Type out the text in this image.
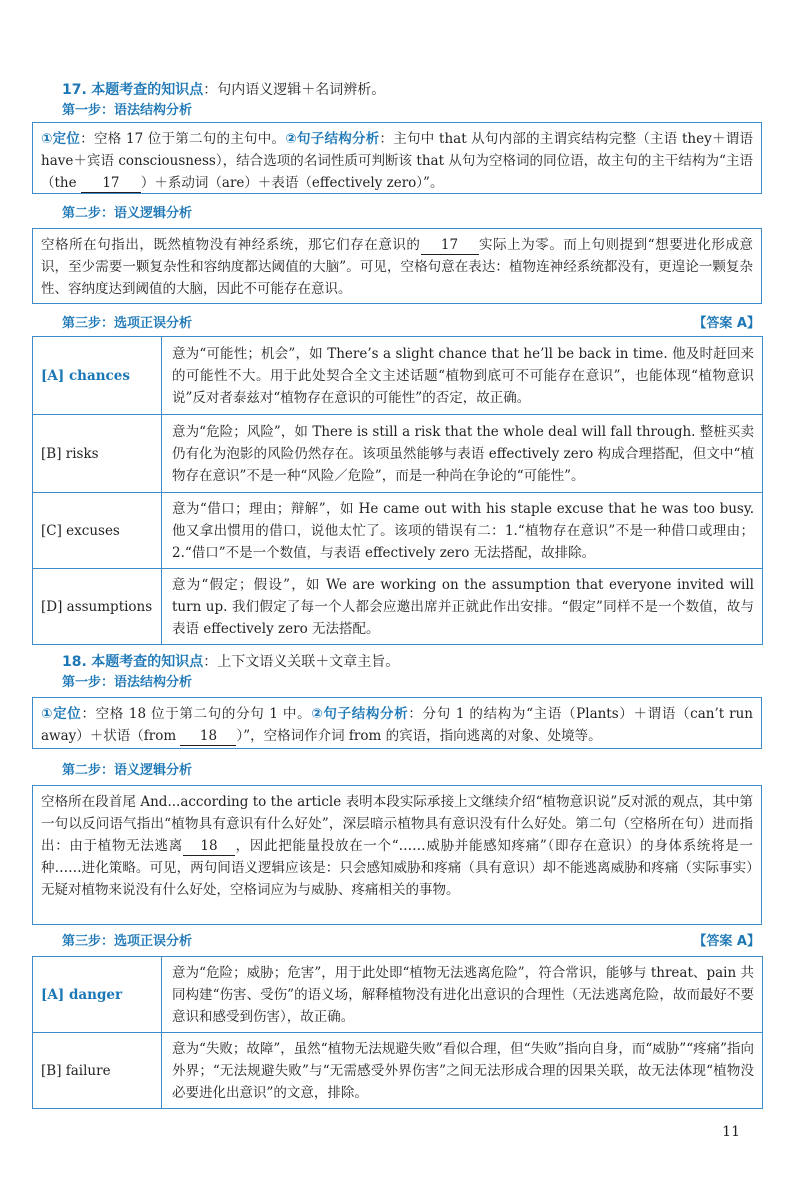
17. 本题考查的知识点：句内语义逻辑＋名词辨析。
第一步：语法结构分析
①定位：空格 17 位于第二句的主句中。②句子结构分析：主句中 that 从句内部的主谓宾结构完整（主语 they＋谓语 have＋宾语 consciousness），结合选项的名词性质可判断该 that 从句为空格词的同位语，故主句的主干结构为“主语（the 17 ）＋系动词（are）＋表语（effectively zero）”。
第二步：语义逻辑分析
空格所在句指出，既然植物没有神经系统，那它们存在意识的 17 实际上为零。而上句则提到“想要进化形成意识，至少需要一颗复杂性和容纳度都达阈值的大脑”。可见，空格句意在表达：植物连神经系统都没有，更遑论一颗复杂性、容纳度达到阈值的大脑，因此不可能存在意识。
第三步：选项正误分析	【答案 A】
[A] chances	意为“可能性；机会”，如 There’s a slight chance that he’ll be back in time. 他及时赶回来的可能性不大。用于此处契合全文主述话题“植物到底可不可能存在意识”，也能体现“植物意识说”反对者泰兹对“植物存在意识的可能性”的否定，故正确。
[B] risks	意为“危险；风险”，如 There is still a risk that the whole deal will fall through. 整桩买卖仍有化为泡影的风险仍然存在。该项虽然能够与表语 effectively zero 构成合理搭配，但文中“植物存在意识”不是一种“风险／危险”，而是一种尚在争论的“可能性”。
[C] excuses	意为“借口；理由；辩解”，如 He came out with his staple excuse that he was too busy. 他又拿出惯用的借口，说他太忙了。该项的错误有二：1.“植物存在意识”不是一种借口或理由；2.“借口”不是一个数值，与表语 effectively zero 无法搭配，故排除。
[D] assumptions	意为“假定；假设”，如 We are working on the assumption that everyone invited will turn up. 我们假定了每一个人都会应邀出席并正就此作出安排。“假定”同样不是一个数值，故与表语 effectively zero 无法搭配。
18. 本题考查的知识点：上下文语义关联＋文章主旨。
第一步：语法结构分析
①定位：空格 18 位于第二句的分句 1 中。②句子结构分析：分句 1 的结构为“主语（Plants）＋谓语（can’t run away）＋状语（from 18 ）”，空格词作介词 from 的宾语，指向逃离的对象、处境等。
第二步：语义逻辑分析
空格所在段首尾 And...according to the article 表明本段实际承接上文继续介绍“植物意识说”反对派的观点，其中第一句以反问语气指出“植物具有意识有什么好处”，深层暗示植物具有意识没有什么好处。第二句（空格所在句）进而指出：由于植物无法逃离 18 ，因此把能量投放在一个“……威胁并能感知疼痛”（即存在意识）的身体系统将是一种……进化策略。可见，两句间语义逻辑应该是：只会感知威胁和疼痛（具有意识）却不能逃离威胁和疼痛（实际事实）无疑对植物来说没有什么好处，空格词应为与威胁、疼痛相关的事物。
第三步：选项正误分析	【答案 A】
[A] danger	意为“危险；威胁；危害”，用于此处即“植物无法逃离危险”，符合常识，能够与 threat、pain 共同构建“伤害、受伤”的语义场，解释植物没有进化出意识的合理性（无法逃离危险，故而最好不要意识和感受到伤害），故正确。
[B] failure	意为“失败；故障”，虽然“植物无法规避失败”看似合理，但“失败”指向自身，而“威胁”“疼痛”指向外界；“无法规避失败”与“无需感受外界伤害”之间无法形成合理的因果关联，故无法体现“植物没必要进化出意识”的文意，排除。
11
